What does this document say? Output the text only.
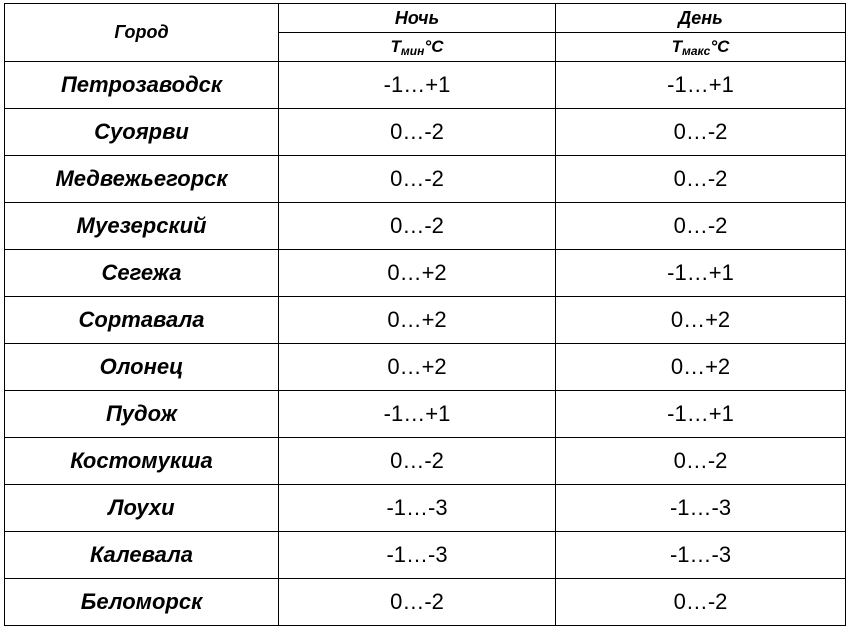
Город	Ночь	День
	$T_{мин}^\circ C$	$T_{макс}^\circ C$
Петрозаводск	-1…+1	-1…+1
Суоярви	0…-2	0…-2
Медвежьегорск	0…-2	0…-2
Муезерский	0…-2	0…-2
Сегежа	0…+2	-1…+1
Сортавала	0…+2	0…+2
Олонец	0…+2	0…+2
Пудож	-1…+1	-1…+1
Костомукша	0…-2	0…-2
Лоухи	-1…-3	-1…-3
Калевала	-1…-3	-1…-3
Беломорск	0…-2	0…-2
